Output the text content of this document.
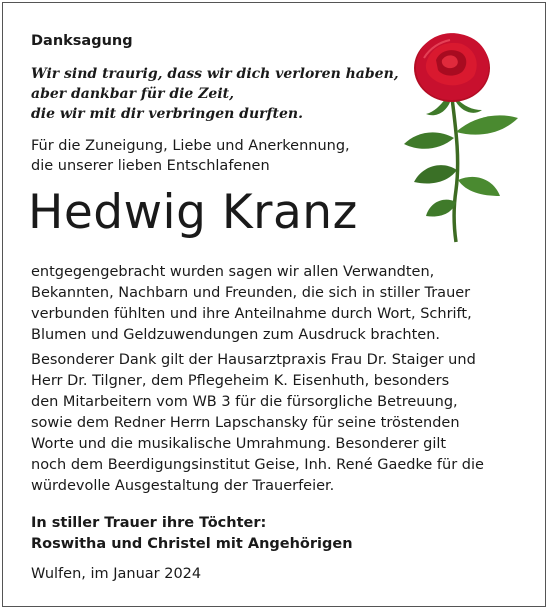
Danksagung
Wir sind traurig, dass wir dich verloren haben,
aber dankbar für die Zeit,
die wir mit dir verbringen durften.
Für die Zuneigung, Liebe und Anerkennung,
die unserer lieben Entschlafenen
Hedwig Kranz
entgegengebracht wurden sagen wir allen Verwandten,
Bekannten, Nachbarn und Freunden, die sich in stiller Trauer
verbunden fühlten und ihre Anteilnahme durch Wort, Schrift,
Blumen und Geldzuwendungen zum Ausdruck brachten.
Besonderer Dank gilt der Hausarztpraxis Frau Dr. Staiger und
Herr Dr. Tilgner, dem Pflegeheim K. Eisenhuth, besonders
den Mitarbeitern vom WB 3 für die fürsorgliche Betreuung,
sowie dem Redner Herrn Lapschansky für seine tröstenden
Worte und die musikalische Umrahmung. Besonderer gilt
noch dem Beerdigungsinstitut Geise, Inh. René Gaedke für die
würdevolle Ausgestaltung der Trauerfeier.
In stiller Trauer ihre Töchter:
Roswitha und Christel mit Angehörigen
Wulfen, im Januar 2024
